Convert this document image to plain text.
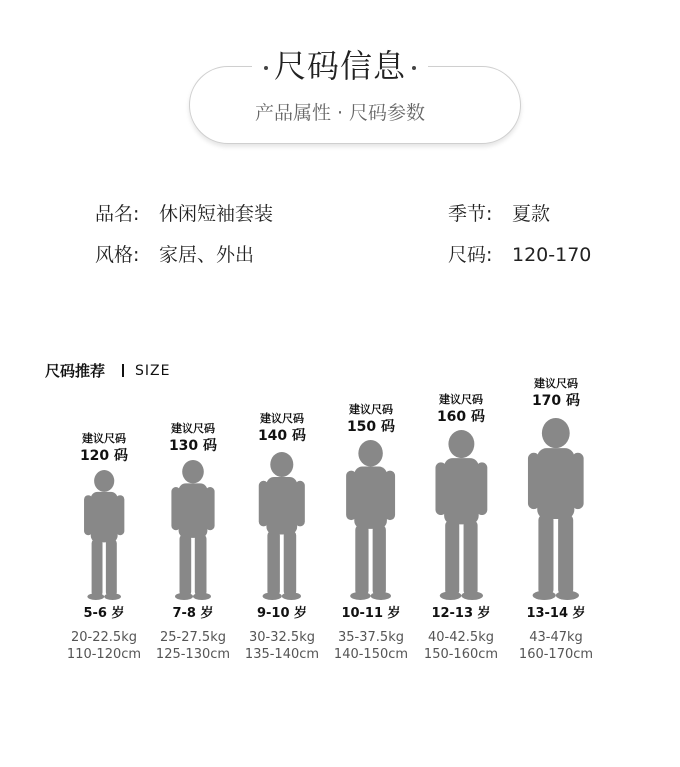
尺码信息
产品属性 · 尺码参数
品名: 休闲短袖套装	季节: 夏款
风格: 家居、外出	尺码: 120-170
尺码推荐 SIZE
建议尺码
120 码
5-6 岁
20-22.5kg
110-120cm
建议尺码
130 码
7-8 岁
25-27.5kg
125-130cm
建议尺码
140 码
9-10 岁
30-32.5kg
135-140cm
建议尺码
150 码
10-11 岁
35-37.5kg
140-150cm
建议尺码
160 码
12-13 岁
40-42.5kg
150-160cm
建议尺码
170 码
13-14 岁
43-47kg
160-170cm
